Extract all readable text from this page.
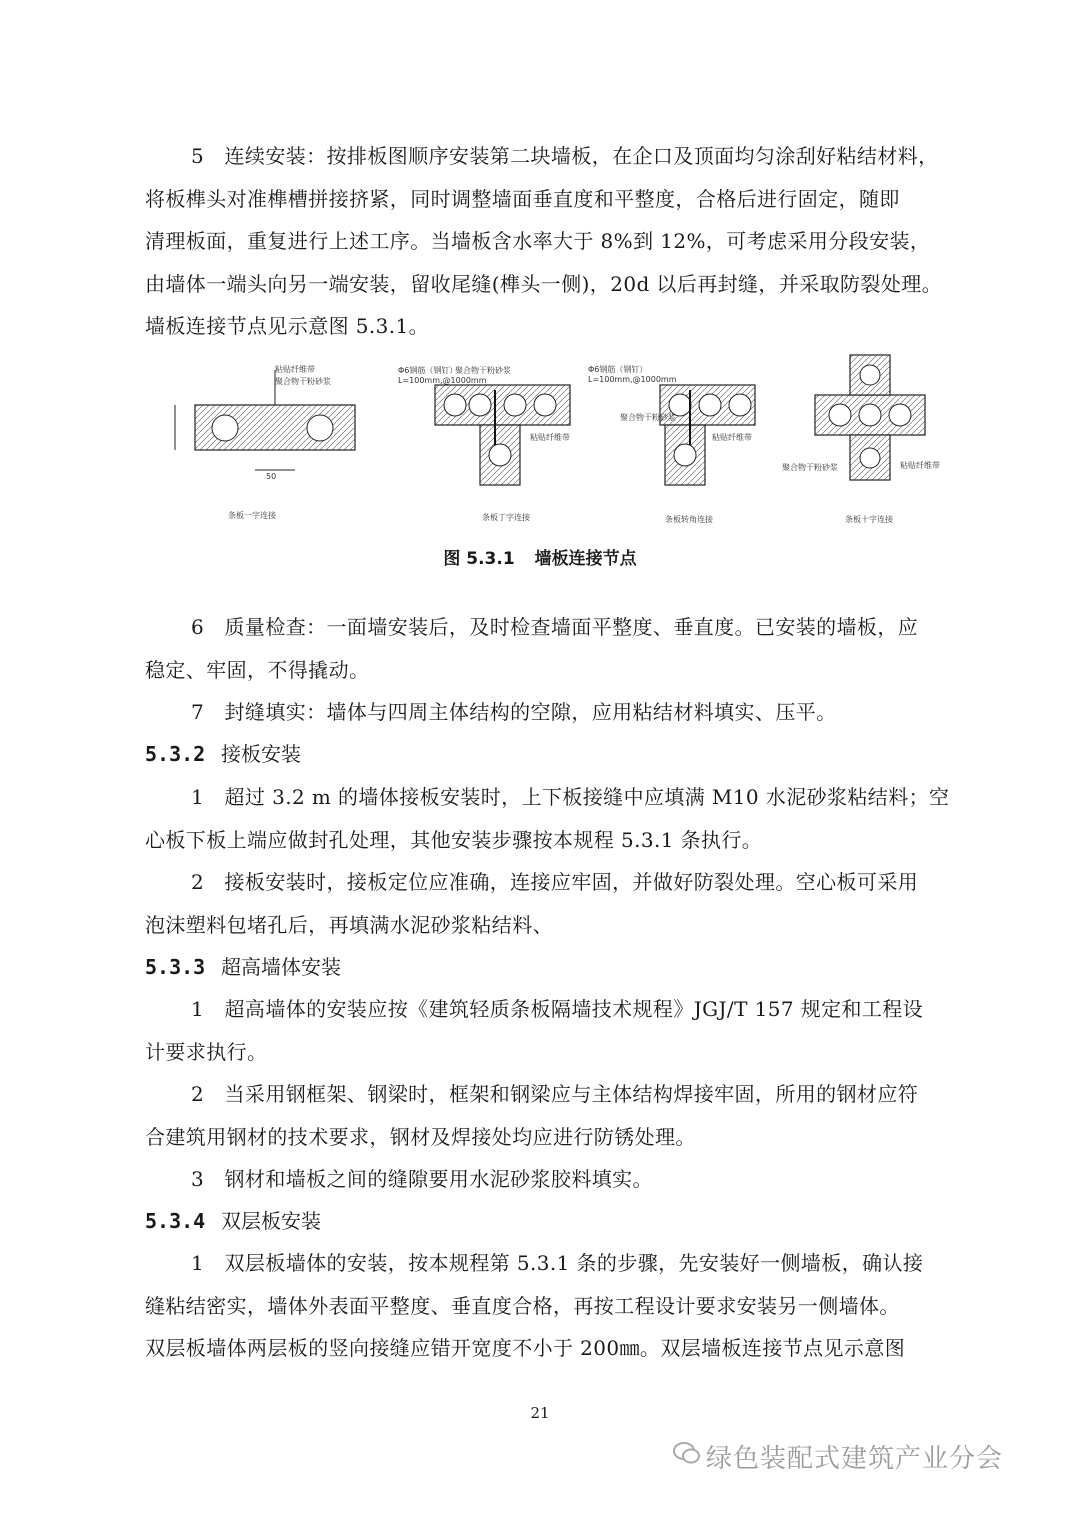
5　连续安装：按排板图顺序安装第二块墙板，在企口及顶面均匀涂刮好粘结材料，
将板榫头对准榫槽拼接挤紧，同时调整墙面垂直度和平整度，合格后进行固定，随即
清理板面，重复进行上述工序。当墙板含水率大于 8%到 12%，可考虑采用分段安装，
由墙体一端头向另一端安装，留收尾缝(榫头一侧)，20d 以后再封缝，并采取防裂处理。
墙板连接节点见示意图 5.3.1。
粘贴纤维带
聚合物干粉砂浆
50
条板一字连接
Φ6钢筋（钢钉）
L=100mm,@1000mm
聚合物干粉砂浆
粘贴纤维带
条板丁字连接
Φ6钢筋（钢钉）
L=100mm,@1000mm
聚合物干粉砂浆
粘贴纤维带
条板转角连接
聚合物干粉砂浆	粘贴纤维带
条板十字连接
图 5.3.1 墙板连接节点
6　质量检查：一面墙安装后，及时检查墙面平整度、垂直度。已安装的墙板，应
稳定、牢固，不得撬动。
7　封缝填实：墙体与四周主体结构的空隙，应用粘结材料填实、压平。
5.3.2 接板安装
1　超过 3.2 m 的墙体接板安装时，上下板接缝中应填满 M10 水泥砂浆粘结料；空
心板下板上端应做封孔处理，其他安装步骤按本规程 5.3.1 条执行。
2　接板安装时，接板定位应准确，连接应牢固，并做好防裂处理。空心板可采用
泡沫塑料包堵孔后，再填满水泥砂浆粘结料、
5.3.3 超高墙体安装
1　超高墙体的安装应按《建筑轻质条板隔墙技术规程》JGJ/T 157 规定和工程设
计要求执行。
2　当采用钢框架、钢梁时，框架和钢梁应与主体结构焊接牢固，所用的钢材应符
合建筑用钢材的技术要求，钢材及焊接处均应进行防锈处理。
3　钢材和墙板之间的缝隙要用水泥砂浆胶料填实。
5.3.4 双层板安装
1　双层板墙体的安装，按本规程第 5.3.1 条的步骤，先安装好一侧墙板，确认接
缝粘结密实，墙体外表面平整度、垂直度合格，再按工程设计要求安装另一侧墙体。
双层板墙体两层板的竖向接缝应错开宽度不小于 200㎜。双层墙板连接节点见示意图
21
绿色装配式建筑产业分会
